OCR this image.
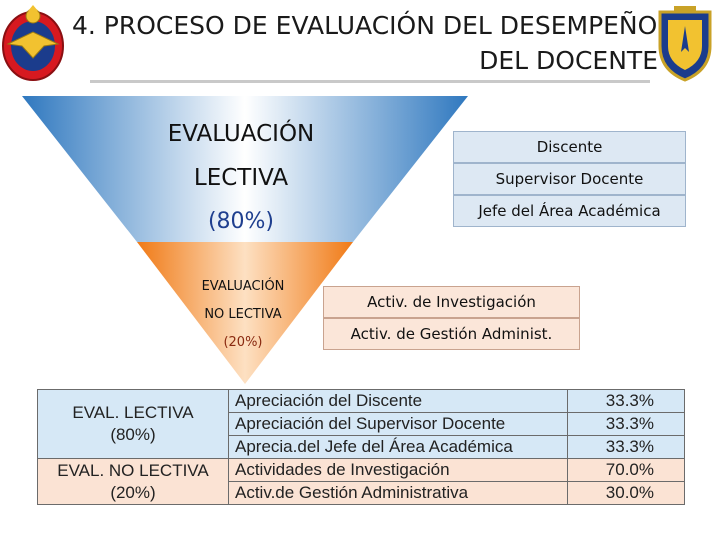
4. PROCESO DE EVALUACIÓN DEL DESEMPEÑO
DEL DOCENTE
EVALUACIÓN
LECTIVA
(80%)
EVALUACIÓN
NO LECTIVA
(20%)
Discente
Supervisor Docente
Jefe del Área Académica
Activ. de Investigación
Activ. de Gestión Administ.
EVAL. LECTIVA
(80%)	Apreciación del Discente	33.3%
	Apreciación del Supervisor Docente	33.3%
	Aprecia.del Jefe del Área Académica	33.3%

EVAL. NO LECTIVA
(20%)	Actividades de Investigación	70.0%
	Activ.de Gestión Administrativa	30.0%
